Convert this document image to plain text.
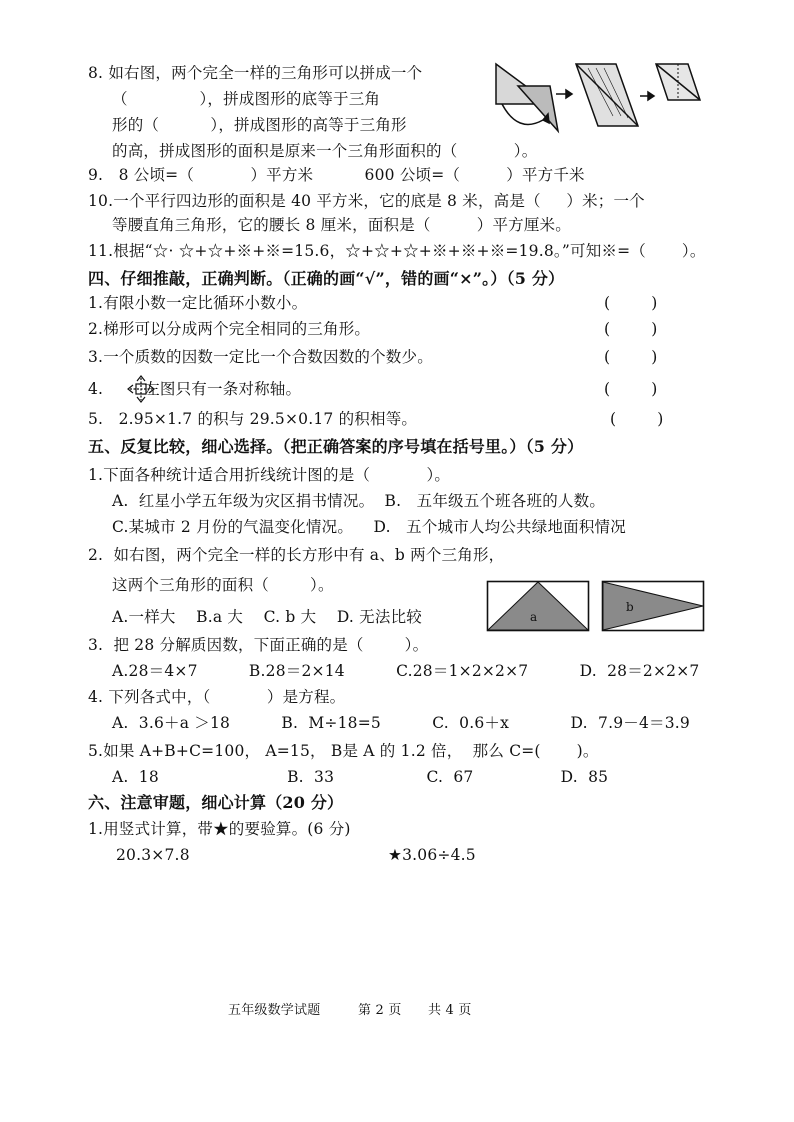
8. 如右图，两个完全一样的三角形可以拼成一个
（              ），拼成图形的底等于三角
形的（          ），拼成图形的高等于三角形
的高，拼成图形的面积是原来一个三角形面积的（           ）。
9.   8 公顷=（           ）平方米          600 公顷=（         ）平方千米
10.一个平行四边形的面积是 40 平方米，它的底是 8 米，高是（     ）米；一个
等腰直角三角形，它的腰长 8 厘米，面积是（         ）平方厘米。
11.根据“☆· ☆+☆+※+※=15.6，☆+☆+☆+※+※+※=19.8。”可知※=（       ）。
四、仔细推敲，正确判断。（正确的画“√”，错的画“×”。）（5 分）
1.有限小数一定比循环小数小。	(        )
2.梯形可以分成两个完全相同的三角形。	(        )
3.一个质数的因数一定比一个合数因数的个数少。	(        )
4.        左图只有一条对称轴。	(        )
5.   2.95×1.7 的积与 29.5×0.17 的积相等。	(        )
五、反复比较，细心选择。（把正确答案的序号填在括号里。）（5 分）
1.下面各种统计适合用折线统计图的是（           ）。
A.  红星小学五年级为灾区捐书情况。  B.   五年级五个班各班的人数。
C.某城市 2 月份的气温变化情况。    D.   五个城市人均公共绿地面积情况
2.  如右图，两个完全一样的长方形中有 a、b 两个三角形，
这两个三角形的面积（        ）。
A.一样大    B.a 大    C. b 大    D. 无法比较	a
b
3.  把 28 分解质因数，下面正确的是（        ）。
A.28＝4×7          B.28＝2×14          C.28＝1×2×2×7          D.  28＝2×2×7
4. 下列各式中，（           ）是方程。
A.  3.6＋a ＞18          B.  M÷18=5          C.  0.6＋x            D.  7.9－4＝3.9
5.如果 A+B+C=100， A=15， B是 A 的 1.2 倍，  那么 C=(       )。
A.  18                         B.  33                  C.  67                 D.  85
六、注意审题，细心计算（20 分）
1.用竖式计算，带★的要验算。(6 分)
20.3×7.8	★3.06÷4.5
五年级数学试题	第 2 页 共 4 页
